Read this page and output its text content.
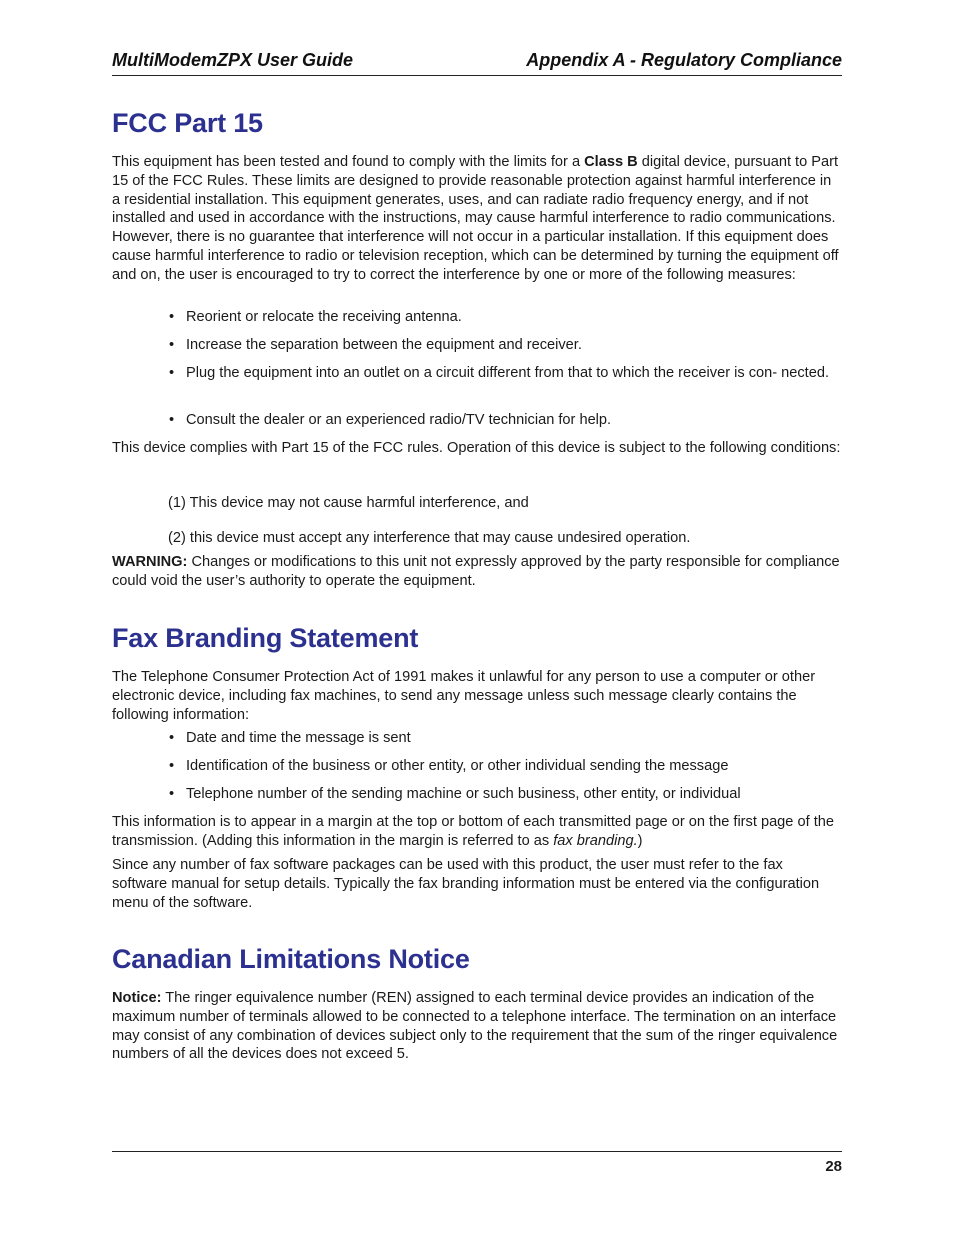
MultiModemZPX User Guide	Appendix A - Regulatory Compliance
FCC Part 15

This equipment has been tested and found to comply with the limits for a Class B digital device, pursuant to Part 15 of the FCC Rules. These limits are designed to provide reasonable protection against harmful interference in a residential installation. This equipment generates, uses, and can radiate radio frequency energy, and if not installed and used in accordance with the instructions, may cause harmful interference to radio communications. However, there is no guarantee that interference will not occur in a particular installation. If this equipment does cause harmful interference to radio or television reception, which can be determined by turning the equipment off and on, the user is encouraged to try to correct the interference by one or more of the following measures:

• Reorient or relocate the receiving antenna.

• Increase the separation between the equipment and receiver.

• Plug the equipment into an outlet on a circuit different from that to which the receiver is con- nected.

• Consult the dealer or an experienced radio/TV technician for help.

This device complies with Part 15 of the FCC rules. Operation of this device is subject to the following conditions:

(1) This device may not cause harmful interference, and

(2) this device must accept any interference that may cause undesired operation.

WARNING: Changes or modifications to this unit not expressly approved by the party responsible for compliance could void the user’s authority to operate the equipment.

Fax Branding Statement

The Telephone Consumer Protection Act of 1991 makes it unlawful for any person to use a computer or other electronic device, including fax machines, to send any message unless such message clearly contains the following information:

• Date and time the message is sent

• Identification of the business or other entity, or other individual sending the message

• Telephone number of the sending machine or such business, other entity, or individual

This information is to appear in a margin at the top or bottom of each transmitted page or on the first page of the transmission. (Adding this information in the margin is referred to as fax branding.)

Since any number of fax software packages can be used with this product, the user must refer to the fax software manual for setup details. Typically the fax branding information must be entered via the configuration menu of the software.

Canadian Limitations Notice

Notice: The ringer equivalence number (REN) assigned to each terminal device provides an indication of the maximum number of terminals allowed to be connected to a telephone interface. The termination on an interface may consist of any combination of devices subject only to the requirement that the sum of the ringer equivalence numbers of all the devices does not exceed 5.

28
